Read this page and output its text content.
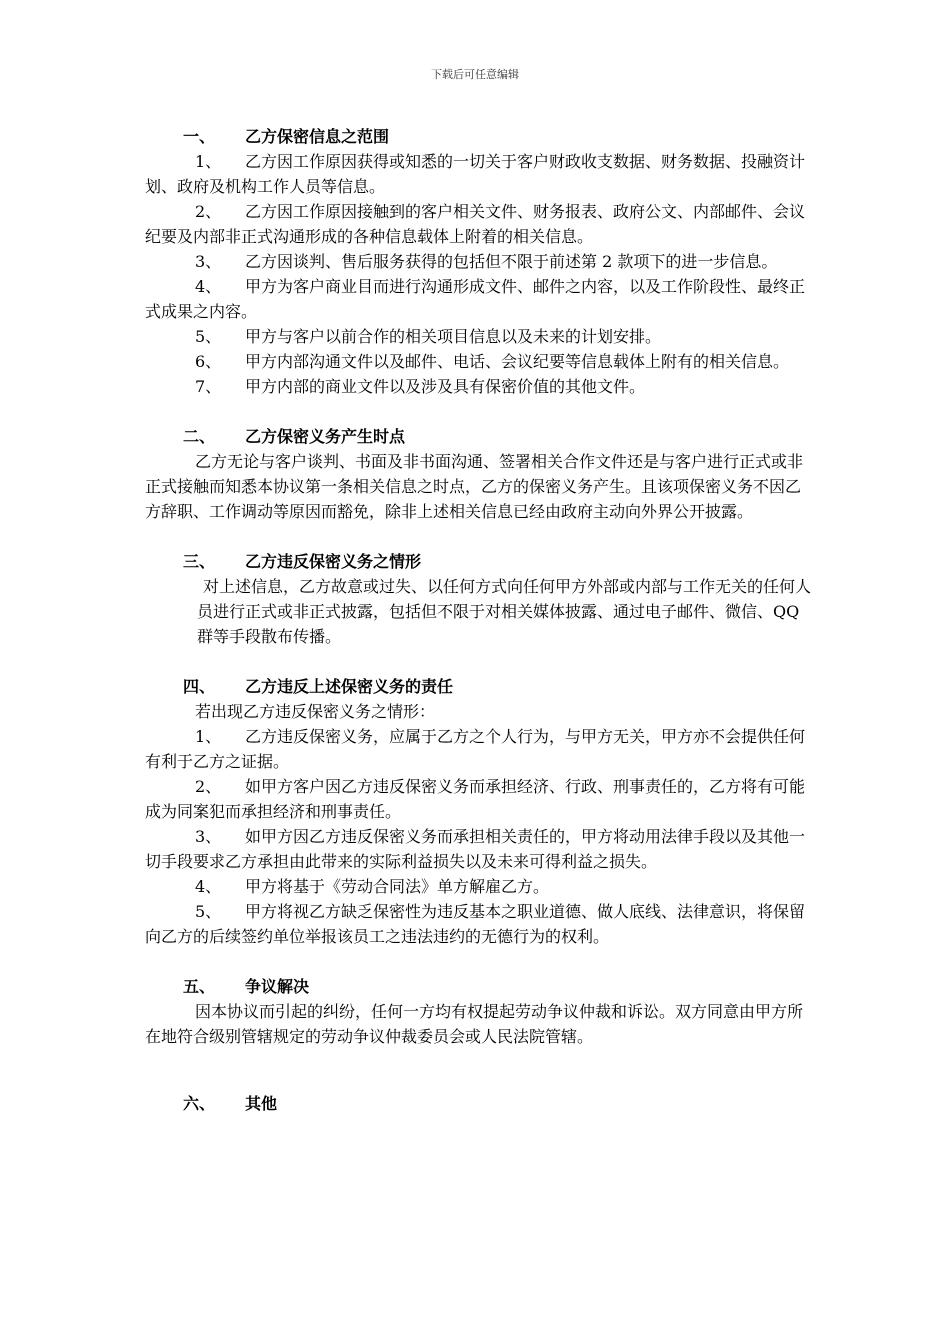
下载后可任意编辑
一、 乙方保密信息之范围

1、 乙方因工作原因获得或知悉的一切关于客户财政收支数据、财务数据、投融资计划、政府及机构工作人员等信息。

2、 乙方因工作原因接触到的客户相关文件、财务报表、政府公文、内部邮件、会议纪要及内部非正式沟通形成的各种信息载体上附着的相关信息。

3、 乙方因谈判、售后服务获得的包括但不限于前述第 2 款项下的进一步信息。

4、 甲方为客户商业目而进行沟通形成文件、邮件之内容，以及工作阶段性、最终正式成果之内容。

5、 甲方与客户以前合作的相关项目信息以及未来的计划安排。

6、 甲方内部沟通文件以及邮件、电话、会议纪要等信息载体上附有的相关信息。

7、 甲方内部的商业文件以及涉及具有保密价值的其他文件。

二、 乙方保密义务产生时点

乙方无论与客户谈判、书面及非书面沟通、签署相关合作文件还是与客户进行正式或非正式接触而知悉本协议第一条相关信息之时点，乙方的保密义务产生。且该项保密义务不因乙方辞职、工作调动等原因而豁免，除非上述相关信息已经由政府主动向外界公开披露。

三、 乙方违反保密义务之情形

对上述信息，乙方故意或过失、以任何方式向任何甲方外部或内部与工作无关的任何人员进行正式或非正式披露，包括但不限于对相关媒体披露、通过电子邮件、微信、QQ 群等手段散布传播。

四、 乙方违反上述保密义务的责任

若出现乙方违反保密义务之情形：

1、 乙方违反保密义务，应属于乙方之个人行为，与甲方无关，甲方亦不会提供任何有利于乙方之证据。

2、 如甲方客户因乙方违反保密义务而承担经济、行政、刑事责任的，乙方将有可能成为同案犯而承担经济和刑事责任。

3、 如甲方因乙方违反保密义务而承担相关责任的，甲方将动用法律手段以及其他一切手段要求乙方承担由此带来的实际利益损失以及未来可得利益之损失。

4、 甲方将基于《劳动合同法》单方解雇乙方。

5、 甲方将视乙方缺乏保密性为违反基本之职业道德、做人底线、法律意识，将保留向乙方的后续签约单位举报该员工之违法违约的无德行为的权利。

五、 争议解决

因本协议而引起的纠纷，任何一方均有权提起劳动争议仲裁和诉讼。双方同意由甲方所在地符合级别管辖规定的劳动争议仲裁委员会或人民法院管辖。

六、 其他
